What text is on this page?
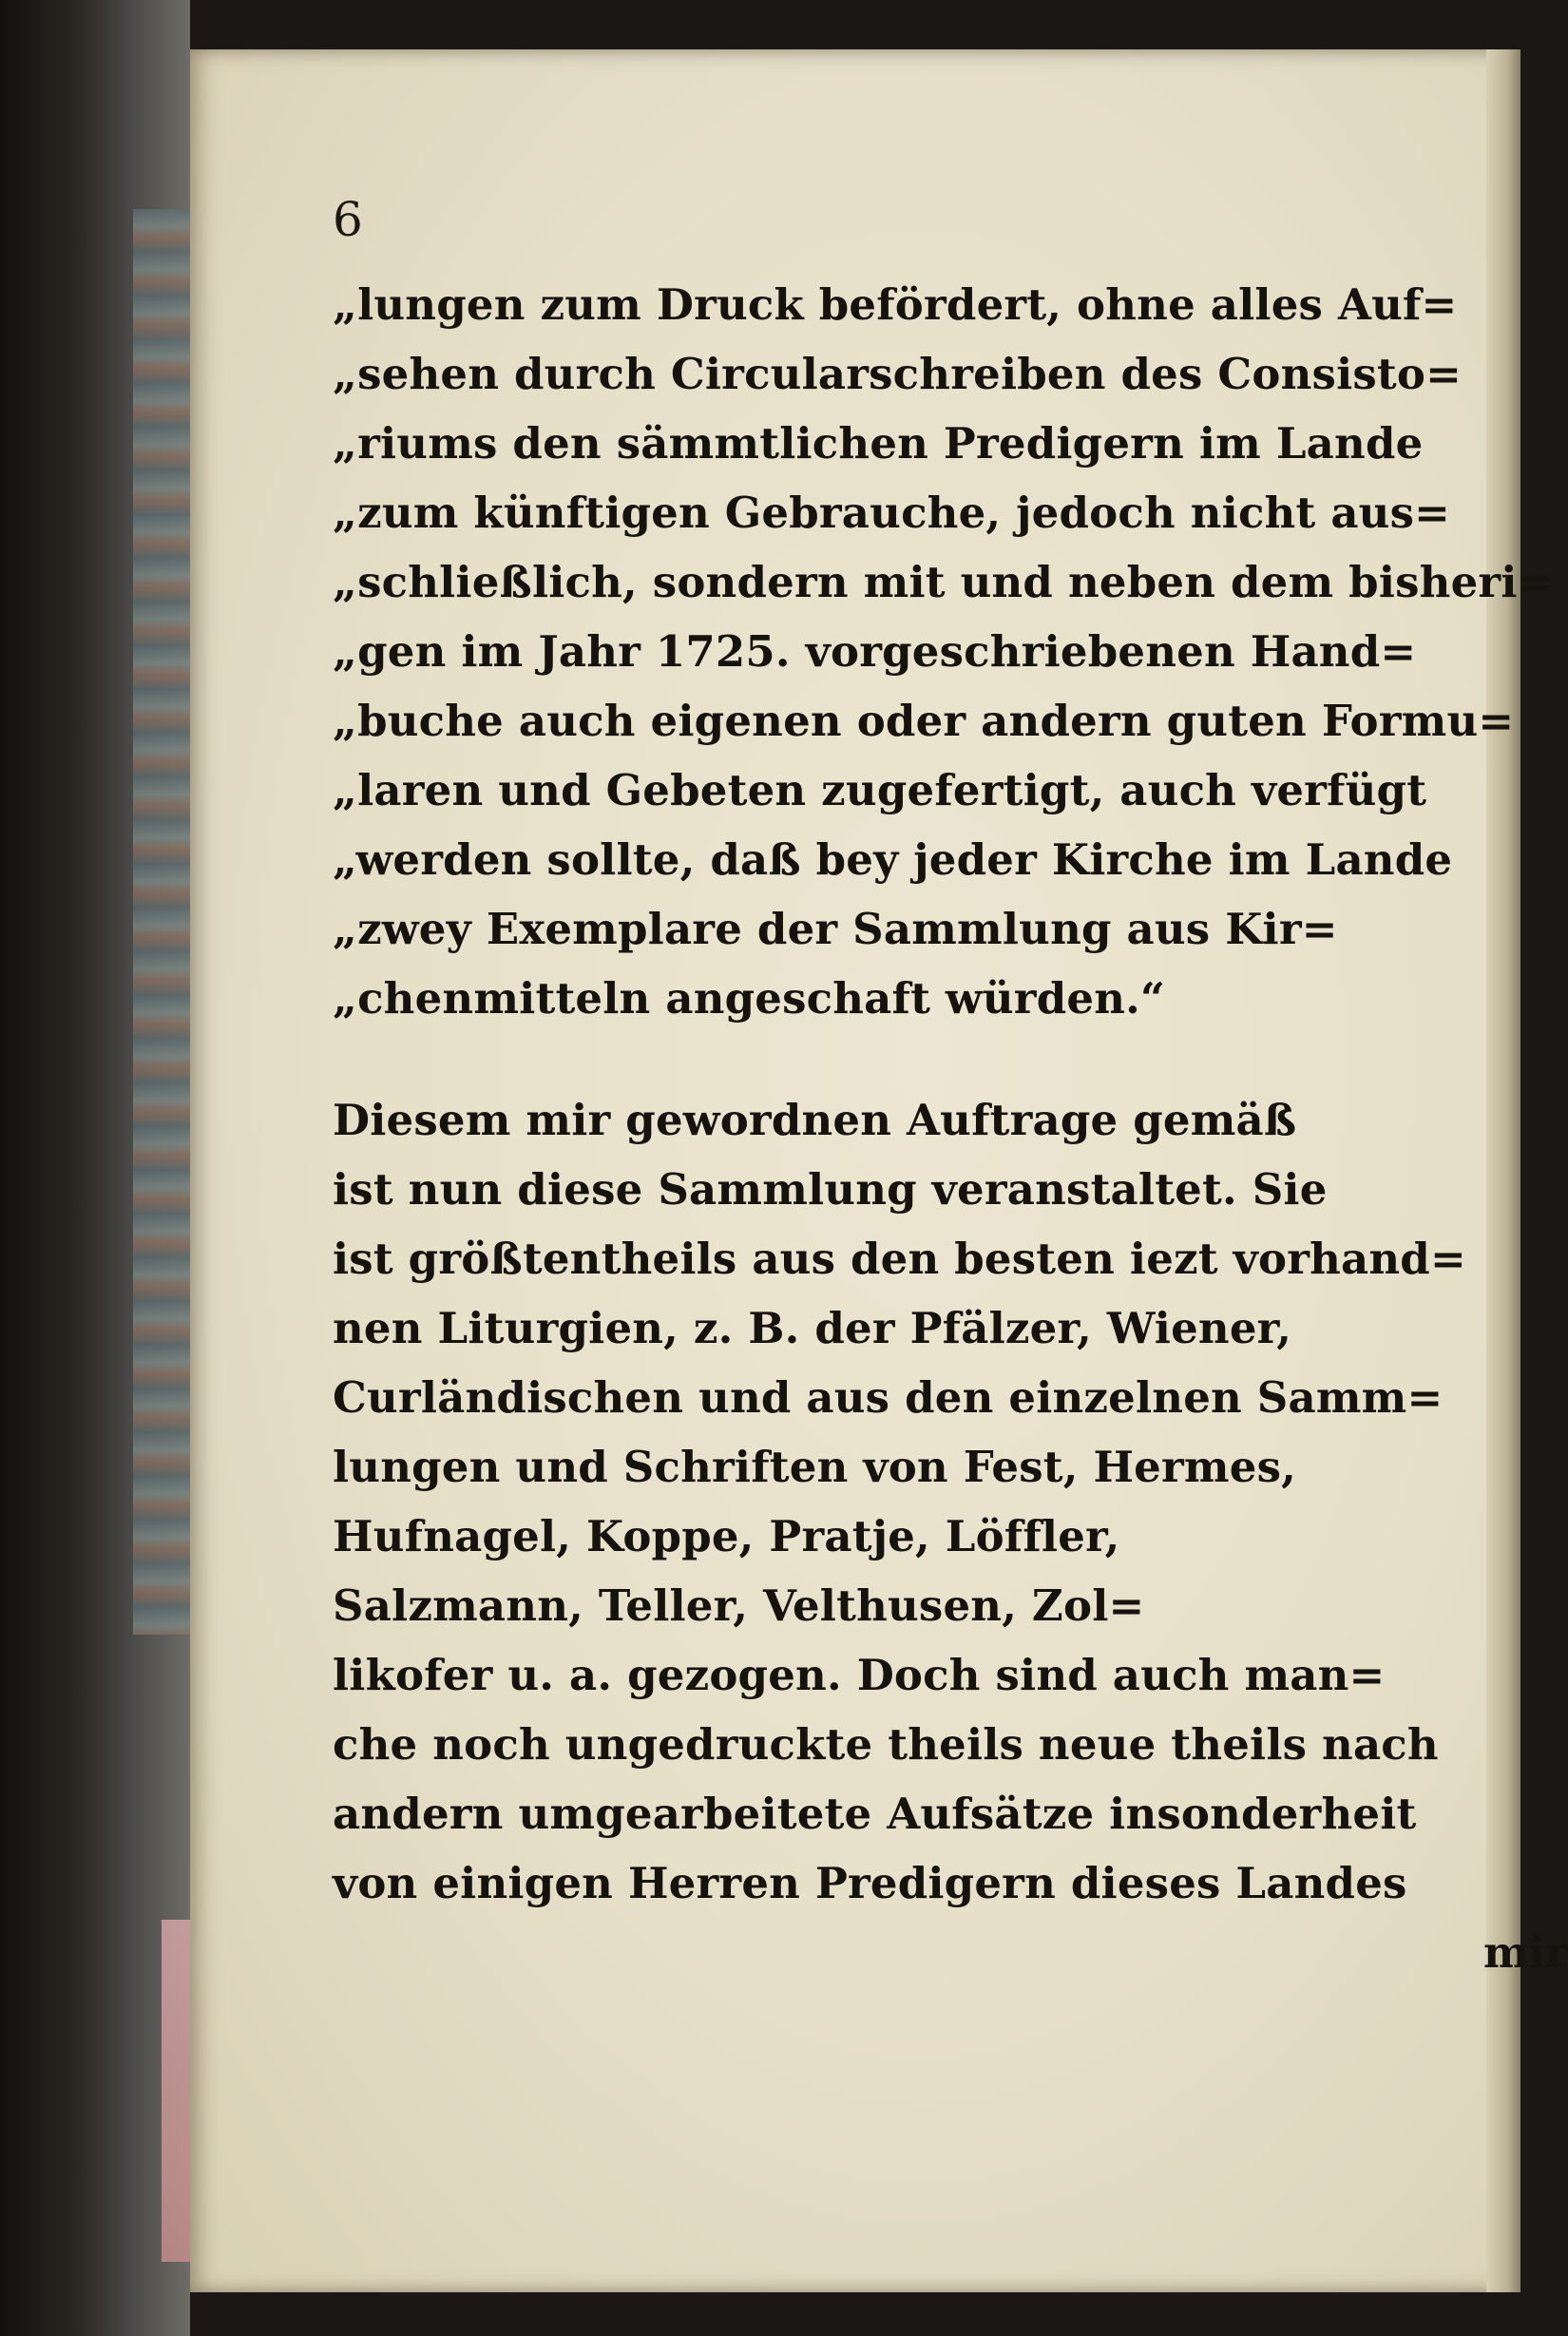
6
„lungen zum Druck befördert, ohne alles Auf=
„sehen durch Circularschreiben des Consisto=
„riums den sämmtlichen Predigern im Lande
„zum künftigen Gebrauche, jedoch nicht aus=
„schließlich, sondern mit und neben dem bisheri=
„gen im Jahr 1725. vorgeschriebenen Hand=
„buche auch eigenen oder andern guten Formu=
„laren und Gebeten zugefertigt, auch verfügt
„werden sollte, daß bey jeder Kirche im Lande
„zwey Exemplare der Sammlung aus Kir=
„chenmitteln angeschaft würden.“
Diesem mir gewordnen Auftrage gemäß
ist nun diese Sammlung veranstaltet. Sie
ist größtentheils aus den besten iezt vorhand=
nen Liturgien, z. B. der Pfälzer, Wiener,
Curländischen und aus den einzelnen Samm=
lungen und Schriften von Fest, Hermes,
Hufnagel, Koppe, Pratje, Löffler,
Salzmann, Teller, Velthusen, Zol=
likofer u. a. gezogen. Doch sind auch man=
che noch ungedruckte theils neue theils nach
andern umgearbeitete Aufsätze insonderheit
von einigen Herren Predigern dieses Landes
mir
